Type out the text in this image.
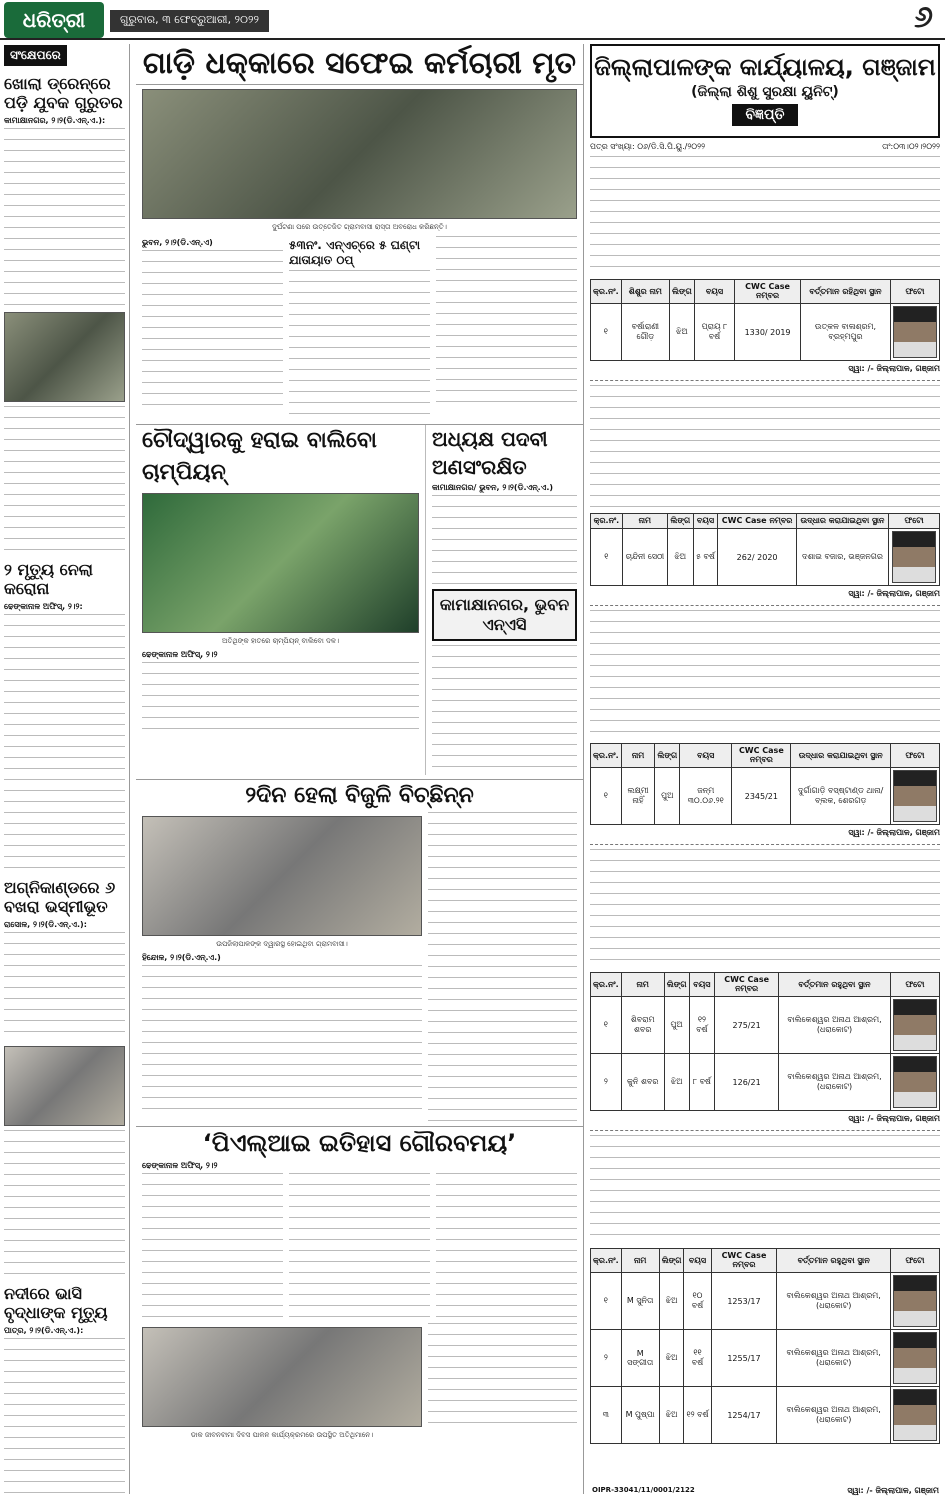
ଧରିତ୍ରୀ	ଗୁରୁବାର, ୩ ଫେବ୍ରୁଆରୀ, ୨୦୨୨	୬
ସଂକ୍ଷେପରେ
ଖୋଲା ଡ୍ରେନ୍‌ରେ ପଡ଼ି ଯୁବକ ଗୁରୁତର
କାମାକ୍ଷାନଗର, ୨।୨(ଡି.ଏନ୍‌.ଏ.):
୨ ମୃତ୍ୟୁ ନେଲା କରୋନା
ଢେଙ୍କାନାଳ ଅଫିସ୍‌, ୨।୨:
ଅଗ୍ନିକାଣ୍ଡରେ ୬ ବଖରା ଭସ୍ମୀଭୂତ
ରାସୋଳ, ୨।୨(ଡି.ଏନ୍‌.ଏ.):
ନଦୀରେ ଭାସି ବୃଦ୍ଧାଙ୍କ ମୃତ୍ୟୁ
ପାତ୍ର, ୨।୨(ଡି.ଏନ୍‌.ଏ.):
ଗାଡ଼ି ଧକ୍କାରେ ସଫେଇ କର୍ମଚାରୀ ମୃତ
ଦୁର୍ଘଟଣା ପରେ ଉତ୍ତେଜିତ ଗ୍ରାମବାସୀ ରାସ୍ତା ଅବରୋଧ କରିଛନ୍ତି।
ଭୁବନ, ୨।୨(ଡି.ଏନ୍‌.ଏ)	୫୩ନଂ. ଏନ୍‌ଏଚ୍‌ରେ ୫ ଘଣ୍ଟା ଯାତାୟାତ ଠପ୍‌
ଚୌଦ୍ୱାରକୁ ହରାଇ ବାଲିବୋ ଚାମ୍ପିୟନ୍‌
ଅତିଥିଙ୍କ ହାତରେ ଚାମ୍ପିୟନ୍‌ ବାଲିବୋ ଦଳ।
ଢେଙ୍କାନାଳ ଅଫିସ୍‌, ୨।୨
ଅଧ୍ୟକ୍ଷ ପଦବୀ ଅଣସଂରକ୍ଷିତ
କାମାକ୍ଷାନଗର/ ଭୁବନ, ୨।୨(ଡି.ଏନ୍‌.ଏ.)
କାମାକ୍ଷାନଗର, ଭୁବନ ଏନ୍‌ଏସି
୨ଦିନ ହେଲା ବିଜୁଳି ବିଚ୍ଛିନ୍ନ
ଉପଜିଲାପାଳଙ୍କ ଦ୍ୱାରସ୍ଥ ହୋଇଥିବା ଗ୍ରାମବାସୀ।
ହିନ୍ଦୋଳ, ୨।୨(ଡି.ଏନ୍‌.ଏ.)
‘ପିଏଲ୍‌ଆଇ ଇତିହାସ ଗୌରବମୟ’
ଢେଙ୍କାନାଳ ଅଫିସ୍‌, ୨।୨
ଡାକ ଜୀବନବୀମା ଦିବସ ପାଳନ କାର୍ଯ୍ୟକ୍ରମରେ ଉପସ୍ଥିତ ଅତିଥିମାନେ।
ଜିଲ୍ଲାପାଳଙ୍କ କାର୍ଯ୍ୟାଳୟ, ଗଞ୍ଜାମ
(ଜିଲ୍ଲା ଶିଶୁ ସୁରକ୍ଷା ୟୁନିଟ୍‌)
ବିଜ୍ଞପ୍ତି
ପତ୍ର ସଂଖ୍ୟା: ୦୬/ଡି.ସି.ପି.ୟୁ./୨୦୨୨	ତାଂ:୦୩।୦୨।୨୦୨୨
କ୍ର.ନଂ.	ଶିଶୁର ନାମ	ଲିଙ୍ଗ	ବୟସ	CWC Case ନମ୍ବର	ବର୍ତ୍ତମାନ ରହିଥିବା ସ୍ଥାନ	ଫଟୋ
୧	ବର୍ଷାରାଣୀ ଗୌଡ଼	ଝିଅ	ପ୍ରାୟ ୮ ବର୍ଷ	1330/ 2019	ଉତ୍କଳ ବାଳାଶ୍ରମ, ବ୍ରହ୍ମପୁର	
ସ୍ୱା: /- ଜିଲ୍ଲାପାଳ, ଗଞ୍ଜାମ
କ୍ର.ନଂ.	ନାମ	ଲିଙ୍ଗ	ବୟସ	CWC Case ନମ୍ବର	ଉଦ୍ଧାର କରାଯାଇଥିବା ସ୍ଥାନ	ଫଟୋ
୧	ଚାନ୍ଦିନୀ ସେଠୀ	ଝିଅ	୫ ବର୍ଷ	262/ 2020	ଦଶାଇ ବଜାର, ଭଞ୍ଜନଗର	
ସ୍ୱା: /- ଜିଲ୍ଲାପାଳ, ଗଞ୍ଜାମ
କ୍ର.ନଂ.	ନାମ	ଲିଙ୍ଗ	ବୟସ	CWC Case ନମ୍ବର	ଉଦ୍ଧାର କରାଯାଇଥିବା ସ୍ଥାନ	ଫଟୋ
୧	ଲକ୍ଷ୍ମୀ ନାହିଁ	ପୁଅ	ଜନ୍ମ ୩୦.୦୬.୨୧	2345/21	ଦୁର୍ଗାଗାଡ଼ି ବସ୍‌ଷ୍ଟାଣ୍ଡ ଥାନା/ବ୍ଲକ, ଶେରଗଡ଼	
ସ୍ୱା: /- ଜିଲ୍ଲାପାଳ, ଗଞ୍ଜାମ
କ୍ର.ନଂ.	ନାମ	ଲିଙ୍ଗ	ବୟସ	CWC Case ନମ୍ବର	ବର୍ତ୍ତମାନ ରହୁଥିବା ସ୍ଥାନ	ଫଟୋ
୧	ଶିବରାମ ଶବର	ପୁଅ	୧୨ ବର୍ଷ	275/21	ବାଲିକେଶ୍ୱର ଅନାଥ ଆଶ୍ରମ, (ଧରାକୋଟ)	

୨	କୁନି ଶବର	ଝିଅ	୮ ବର୍ଷ	126/21	ବାଲିକେଶ୍ୱର ଅନାଥ ଆଶ୍ରମ, (ଧରାକୋଟ)	
ସ୍ୱା: /- ଜିଲ୍ଲାପାଳ, ଗଞ୍ଜାମ
କ୍ର.ନଂ.	ନାମ	ଲିଙ୍ଗ	ବୟସ	CWC Case ନମ୍ବର	ବର୍ତ୍ତମାନ ରହୁଥିବା ସ୍ଥାନ	ଫଟୋ
୧	M ସୁନିତା	ଝିଅ	୧୦ ବର୍ଷ	1253/17	ବାଲିକେଶ୍ୱର ଅନାଥ ଆଶ୍ରମ, (ଧରାକୋଟ)	

୨	M ସଙ୍ଗୀତା	ଝିଅ	୧୧ ବର୍ଷ	1255/17	ବାଲିକେଶ୍ୱର ଅନାଥ ଆଶ୍ରମ, (ଧରାକୋଟ)	

୩	M ପୁଷ୍ପା	ଝିଅ	୧୨ ବର୍ଷ	1254/17	ବାଲିକେଶ୍ୱର ଅନାଥ ଆଶ୍ରମ, (ଧରାକୋଟ)	
OIPR-33041/11/0001/2122	ସ୍ୱା: /- ଜିଲ୍ଲାପାଳ, ଗଞ୍ଜାମ
